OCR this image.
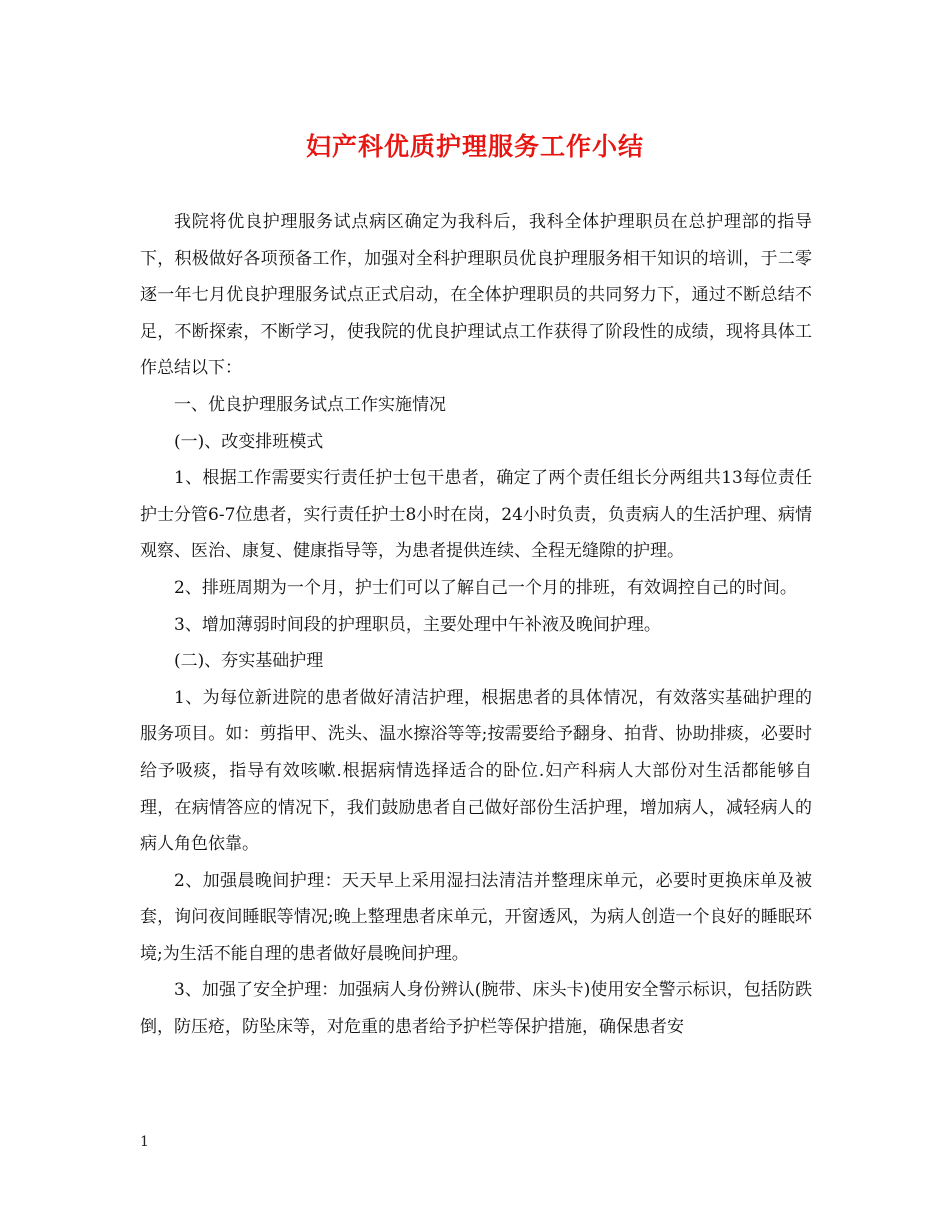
妇产科优质护理服务工作小结

我院将优良护理服务试点病区确定为我科后，我科全体护理职员在总护理部的指导下，积极做好各项预备工作，加强对全科护理职员优良护理服务相干知识的培训，于二零逐一年七月优良护理服务试点正式启动，在全体护理职员的共同努力下，通过不断总结不足，不断探索，不断学习，使我院的优良护理试点工作获得了阶段性的成绩，现将具体工作总结以下：

一、优良护理服务试点工作实施情况

(一)、改变排班模式

1、根据工作需要实行责任护士包干患者，确定了两个责任组长分两组共13每位责任护士分管6-7位患者，实行责任护士8小时在岗，24小时负责，负责病人的生活护理、病情观察、医治、康复、健康指导等，为患者提供连续、全程无缝隙的护理。

2、排班周期为一个月，护士们可以了解自己一个月的排班，有效调控自己的时间。

3、增加薄弱时间段的护理职员，主要处理中午补液及晚间护理。

(二)、夯实基础护理

1、为每位新进院的患者做好清洁护理，根据患者的具体情况，有效落实基础护理的服务项目。如：剪指甲、洗头、温水擦浴等等;按需要给予翻身、拍背、协助排痰，必要时给予吸痰，指导有效咳嗽.根据病情选择适合的卧位.妇产科病人大部份对生活都能够自理，在病情答应的情况下，我们鼓励患者自己做好部份生活护理，增加病人，减轻病人的病人角色依靠。

2、加强晨晚间护理：天天早上采用湿扫法清洁并整理床单元，必要时更换床单及被套，询问夜间睡眠等情况;晚上整理患者床单元，开窗透风，为病人创造一个良好的睡眠环境;为生活不能自理的患者做好晨晚间护理。

3、加强了安全护理：加强病人身份辨认(腕带、床头卡)使用安全警示标识，包括防跌倒，防压疮，防坠床等，对危重的患者给予护栏等保护措施，确保患者安

1
